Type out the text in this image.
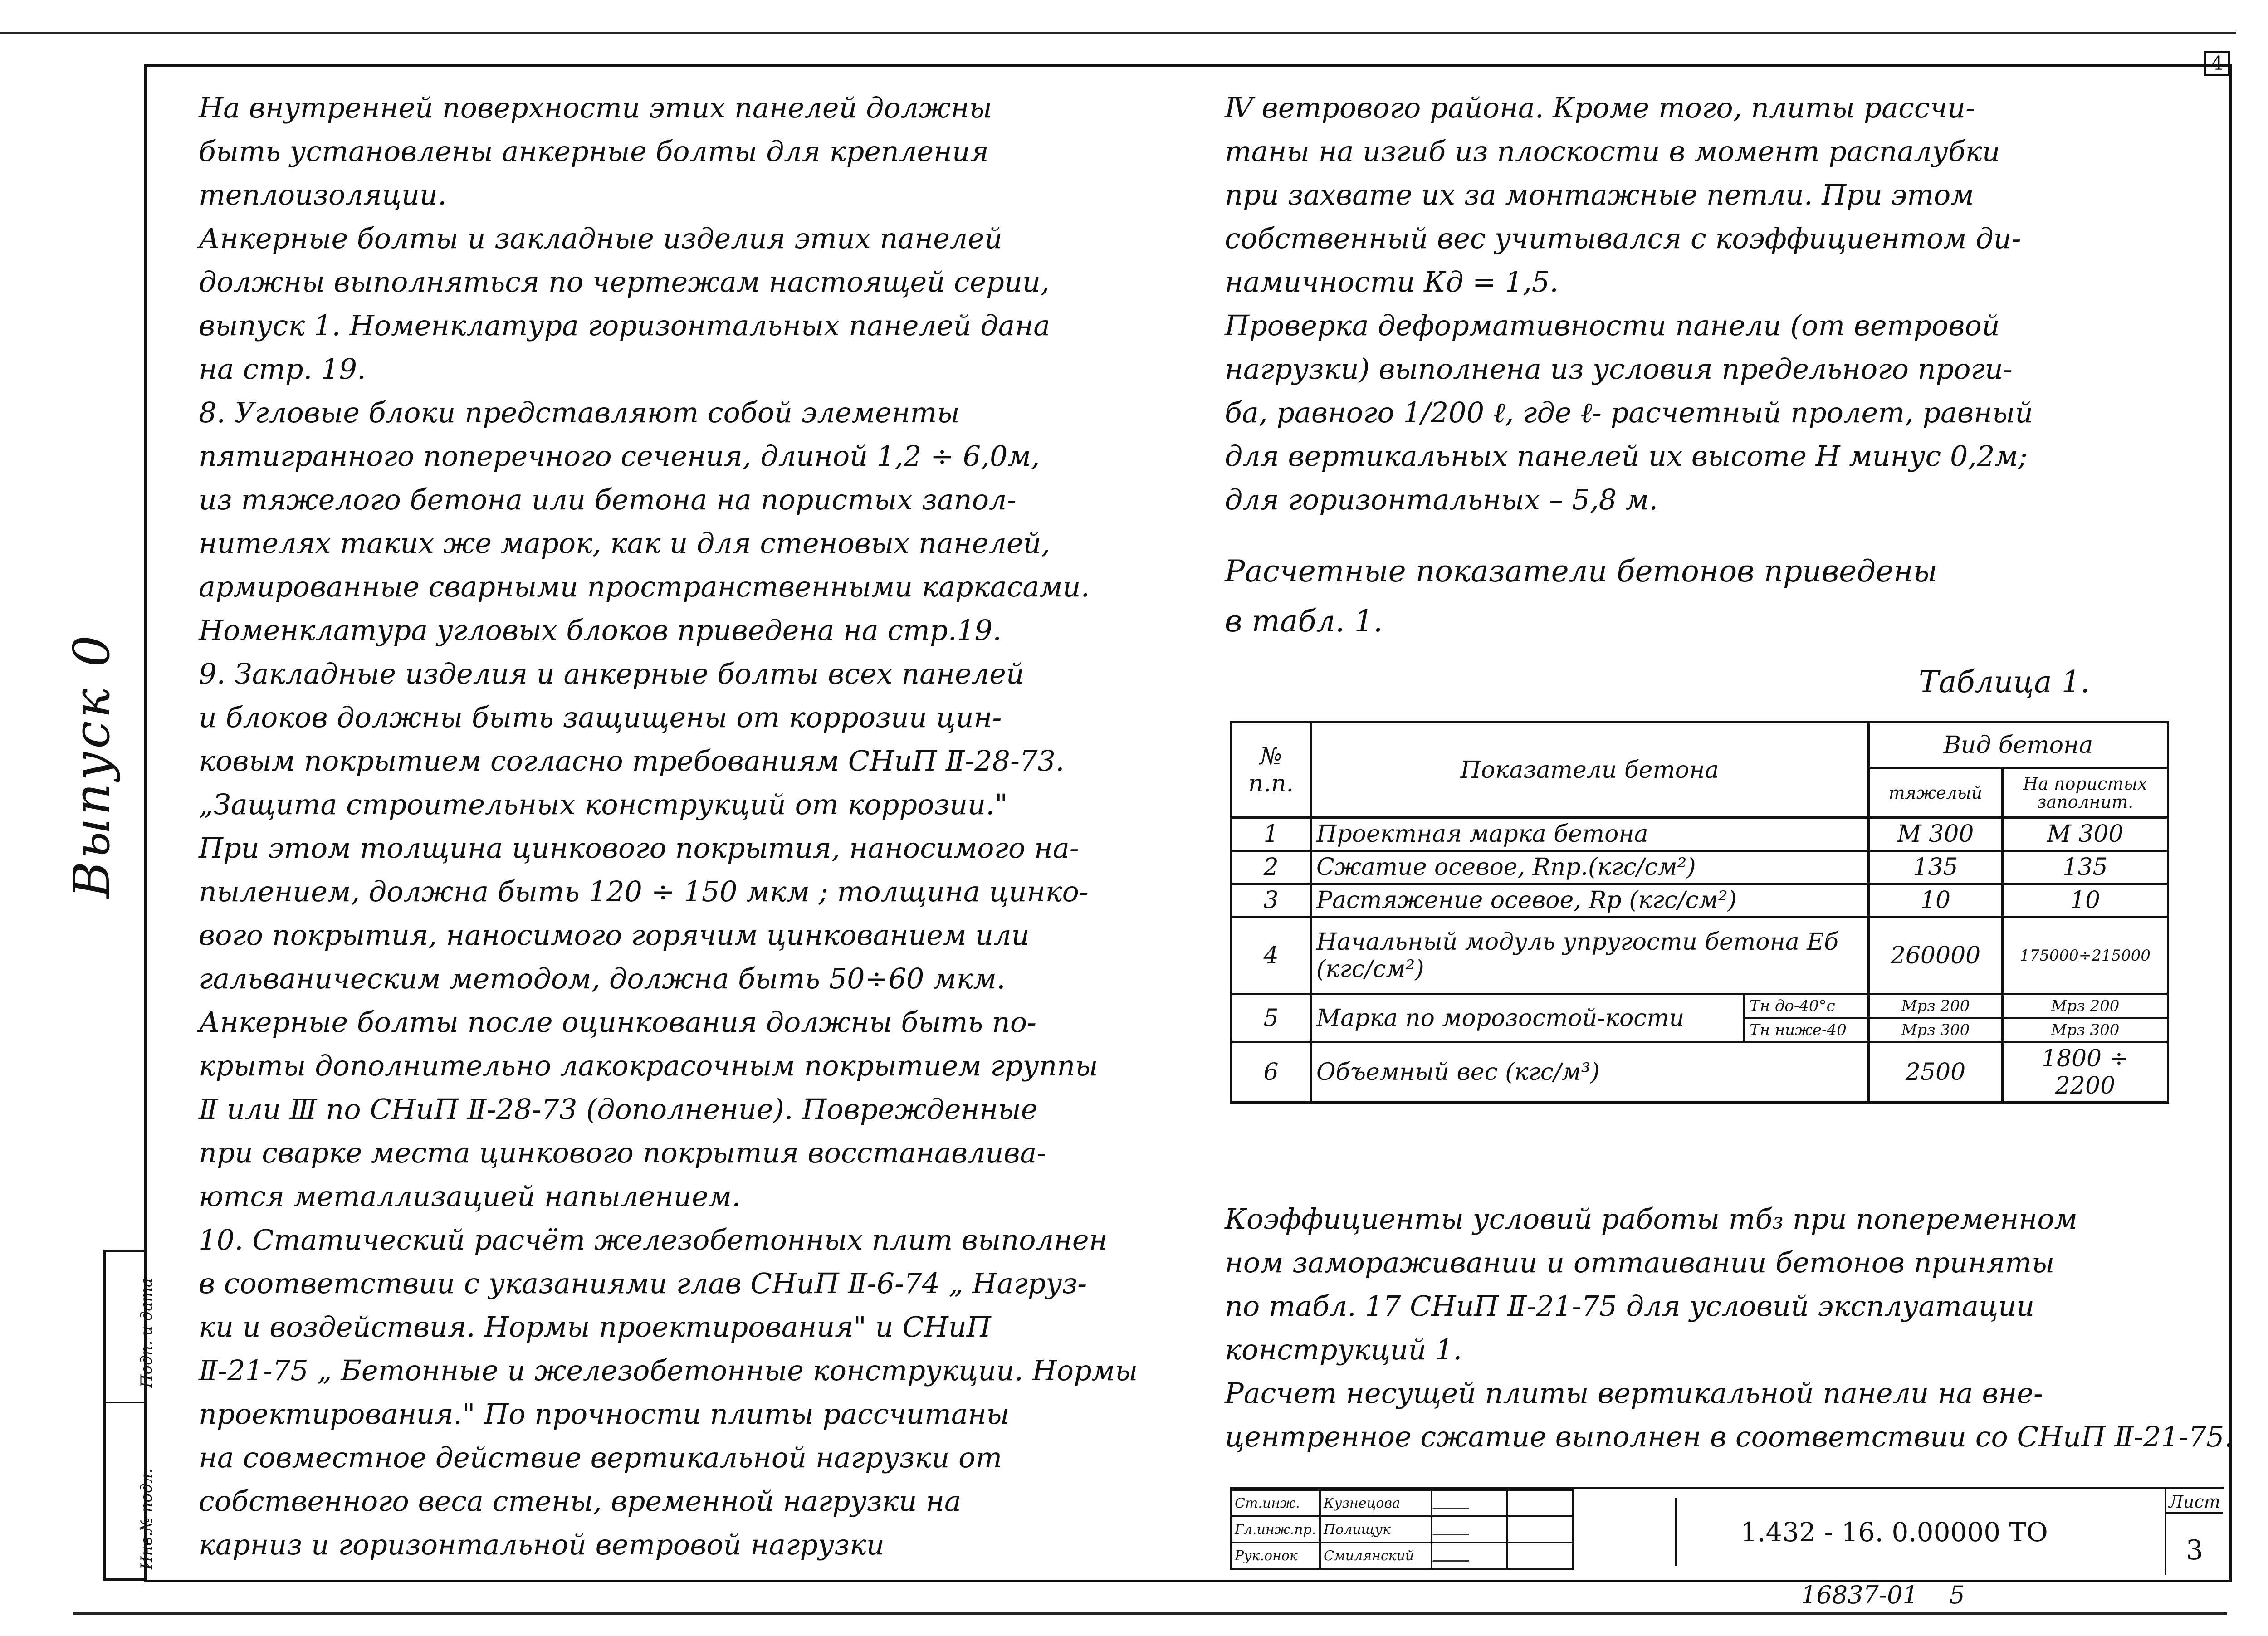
4
Выпуск 0
Инв.№ подл.
Подп. и дата

На внутренней поверхности этих панелей должны

быть установлены анкерные болты для крепления

теплоизоляции.

Анкерные болты и закладные изделия этих панелей

должны выполняться по чертежам настоящей серии,

выпуск 1. Номенклатура горизонтальных панелей дана

на стр. 19.

8. Угловые блоки представляют собой элементы

пятигранного поперечного сечения, длиной 1,2 ÷ 6,0м,

из тяжелого бетона или бетона на пористых запол-

нителях таких же марок, как и для стеновых панелей,

армированные сварными пространственными каркасами.

Номенклатура угловых блоков приведена на стр.19.

9. Закладные изделия и анкерные болты всех панелей

и блоков должны быть защищены от коррозии цин-

ковым покрытием согласно требованиям СНиП Ⅱ-28-73.

„Защита строительных конструкций от коррозии."

При этом толщина цинкового покрытия, наносимого на-

пылением, должна быть 120 ÷ 150 мкм ; толщина цинко-

вого покрытия, наносимого горячим цинкованием или

гальваническим методом, должна быть 50÷60 мкм.

Анкерные болты после оцинкования должны быть по-

крыты дополнительно лакокрасочным покрытием группы

Ⅱ или Ⅲ по СНиП Ⅱ-28-73 (дополнение). Поврежденные

при сварке места цинкового покрытия восстанавлива-

ются металлизацией напылением.

10. Статический расчёт железобетонных плит выполнен

в соответствии с указаниями глав СНиП Ⅱ-6-74 „ Нагруз-

ки и воздействия. Нормы проектирования" и СНиП

Ⅱ-21-75 „ Бетонные и железобетонные конструкции. Нормы

проектирования." По прочности плиты рассчитаны

на совместное действие вертикальной нагрузки от

собственного веса стены, временной нагрузки на

карниз и горизонтальной ветровой нагрузки

Ⅳ ветрового района. Кроме того, плиты рассчи-

таны на изгиб из плоскости в момент распалубки

при захвате их за монтажные петли. При этом

собственный вес учитывался с коэффициентом ди-

намичности Кд = 1,5.

Проверка деформативности панели (от ветровой

нагрузки) выполнена из условия предельного проги-

ба, равного 1/200 ℓ, где ℓ- расчетный пролет, равный

для вертикальных панелей их высоте Н минус 0,2м;

для горизонтальных – 5,8 м.

Расчетные показатели бетонов приведены

в табл. 1.

Таблица 1.
№ п.п.	Показатели бетона		Вид бетона	
			тяжелый	На пористых заполнит.
1	Проектная марка бетона		М 300	М 300
2	Сжатие осевое, Rпр.(кгс/см²)		135	135
3	Растяжение осевое, Rр (кгс/см²)		10	10
4	Начальный модуль упругости бетона Еб (кгс/см²)		260000	175000÷215000
5	Марка по морозостой-кости	Тн до-40°с	Мрз 200	Мрз 200
		Тн ниже-40	Мрз 300	Мрз 300
6	Объемный вес (кгс/м³)		2500	1800 ÷ 2200

Коэффициенты условий работы mб₃ при попеременном

ном замораживании и оттаивании бетонов приняты

по табл. 17 СНиП Ⅱ-21-75 для условий эксплуатации

конструкций 1.

Расчет несущей плиты вертикальной панели на вне-

центренное сжатие выполнен в соответствии со СНиП Ⅱ-21-75.

Ст.инж.	Кузнецова		
Гл.инж.пр.	Полищук		
Рук.онок	Смилянский		
1.432 - 16. 0.00000 ТО
Лист
3
16837-01    5
